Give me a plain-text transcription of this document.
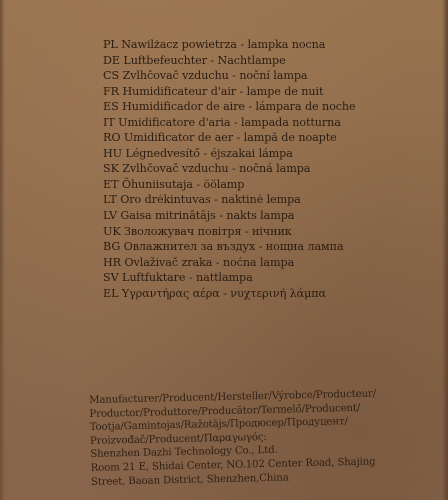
PL Nawilżacz powietrza - lampka nocna
DE Luftbefeuchter - Nachtlampe
CS Zvlhčovač vzduchu - noční lampa
FR Humidificateur d'air - lampe de nuit
ES Humidificador de aire - lámpara de noche
IT Umidificatore d'aria - lampada notturna
RO Umidificator de aer - lampă de noapte
HU Légnedvesítő - éjszakai lámpa
SK Zvlhčovač vzduchu - nočná lampa
ET Õhuniisutaja - öölamp
LT Oro drėkintuvas - naktinė lempa
LV Gaisa mitrinātājs - nakts lampa
UK Зволожувач повітря - нічник
BG Овлажнител за въздух - нощна лампа
HR Ovlaživač zraka - noćna lampa
SV Luftfuktare - nattlampa
EL Υγραντήρας αέρα - νυχτερινή λάμπα
Manufacturer/Producent/Hersteller/Výrobce/Producteur/
Productor/Produttore/Producător/Termelő/Producent/
Tootja/Gamintojas/Ražotājs/Продюсер/Продуцент/
Proizvođač/Producent/Παραγωγός:
Shenzhen Dazhi Technology Co., Ltd.
Room 21 E, Shidai Center, NO.102 Center Road, Shajing
Street, Baoan District, Shenzhen,China
